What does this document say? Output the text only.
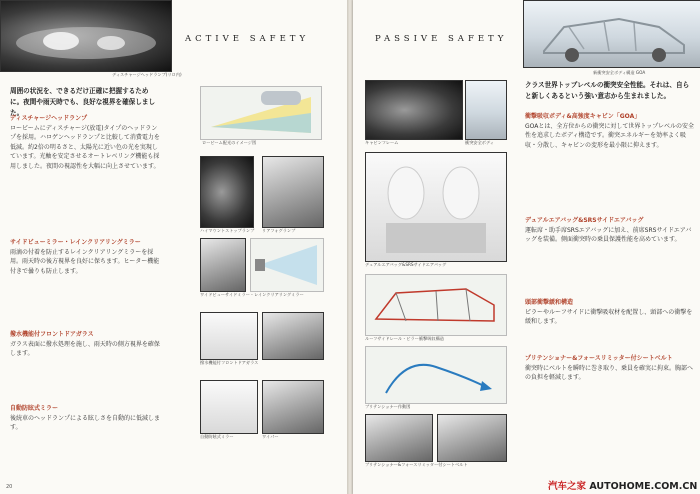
ディスチャージヘッドランプ(リロ内)
ACTIVE SAFETY
周囲の状況を、できるだけ正確に把握するために。夜間や雨天時でも、良好な視界を確保しました。
ディスチャージヘッドランプ
ロービームにディスチャージ(放電)タイプのヘッドランプを採用。ハロゲンヘッドランプと比較して消費電力を低減。約2倍の明るさと、太陽光に近い色の光を実現しています。光軸を安定させるオートレベリング機能も採用しました。夜間の視認性を大幅に向上させています。
サイドビューミラー・レインクリアリングミラー
雨滴の付着を防止するレインクリアリングミラーを採用。雨天時の後方視界を良好に保ちます。ヒーター機能付きで曇りも防止します。
撥水機能付フロントドアガラス
ガラス表面に撥水処理を施し、雨天時の側方視界を確保します。
自動防眩式ミラー
後続車のヘッドランプによる眩しさを自動的に低減します。
ロービーム配光のイメージ図
ハイマウントストップランプ	リアフォグランプ
ワイドビューサイドミラー・レインクリアリングミラー
撥水機能付フロントドアガラス
自動防眩式ミラー	ワイパー
20
PASSIVE SAFETY
新衝突安全ボディ構造 GOA
クラス世界トップレベルの衝突安全性能。それは、自らと新しくあるという強い意志から生まれました。
衝撃吸収ボディ&高強度キャビン「GOA」
GOAとは、全方位からの衝突に対して世界トップレベルの安全性を追求したボディ構造です。衝突エネルギーを効率よく吸収・分散し、キャビンの変形を最小限に抑えます。
デュアルエアバッグ&SRSサイドエアバッグ
運転席・助手席SRSエアバッグに加え、前席SRSサイドエアバッグを装備。側面衝突時の乗員保護性能を高めています。
頭部衝撃緩和構造
ピラーやルーフサイドに衝撃吸収材を配置し、頭部への衝撃を緩和します。
プリテンショナー&フォースリミッター付シートベルト
衝突時にベルトを瞬時に巻き取り、乗員を確実に拘束。胸部への負担を軽減します。
キャビンフレーム	衝突安全ボディ
デュアルエアバッグ&SRSサイドエアバッグ
ルーフサイドレール・ピラー衝撃吸収構造
プリテンショナー作動図
プリテンショナー&フォースリミッター付シートベルト
汽车之家 AUTOHOME.COM.CN
